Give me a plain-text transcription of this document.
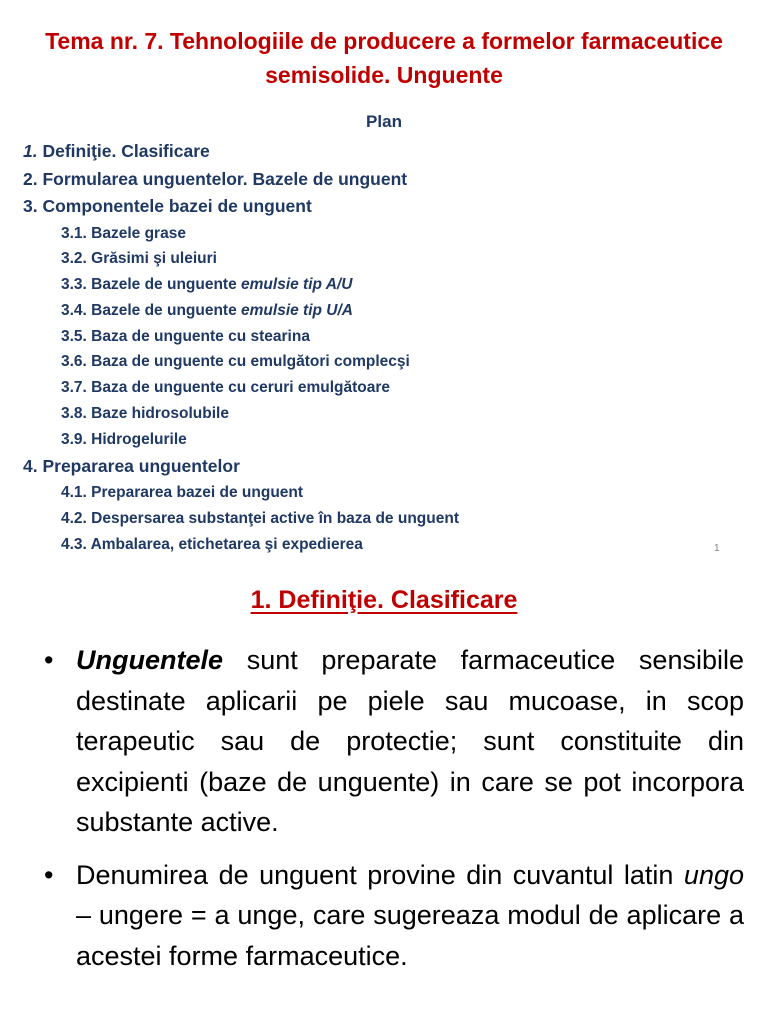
Tema nr. 7. Tehnologiile de producere a formelor farmaceutice semisolide. Unguente
Plan
1. Definiţie. Clasificare
2. Formularea unguentelor. Bazele de unguent
3. Componentele bazei de unguent
3.1. Bazele grase
3.2. Grăsimi şi uleiuri
3.3. Bazele de unguente emulsie tip A/U
3.4. Bazele de unguente emulsie tip U/A
3.5. Baza de unguente cu stearina
3.6. Baza de unguente cu emulgători complecşi
3.7. Baza de unguente cu ceruri emulgătoare
3.8. Baze hidrosolubile
3.9. Hidrogelurile
4. Prepararea unguentelor
4.1. Prepararea bazei de unguent
4.2. Despersarea substanţei active în baza de unguent
4.3. Ambalarea, etichetarea şi expedierea	1
1. Definiţie. Clasificare
• Unguentele sunt preparate farmaceutice sensibile destinate aplicarii pe piele sau mucoase, in scop terapeutic sau de protectie; sunt constituite din excipienti (baze de unguente) in care se pot incorpora substante active.
• Denumirea de unguent provine din cuvantul latin ungo – ungere = a unge, care sugereaza modul de aplicare a acestei forme farmaceutice.
